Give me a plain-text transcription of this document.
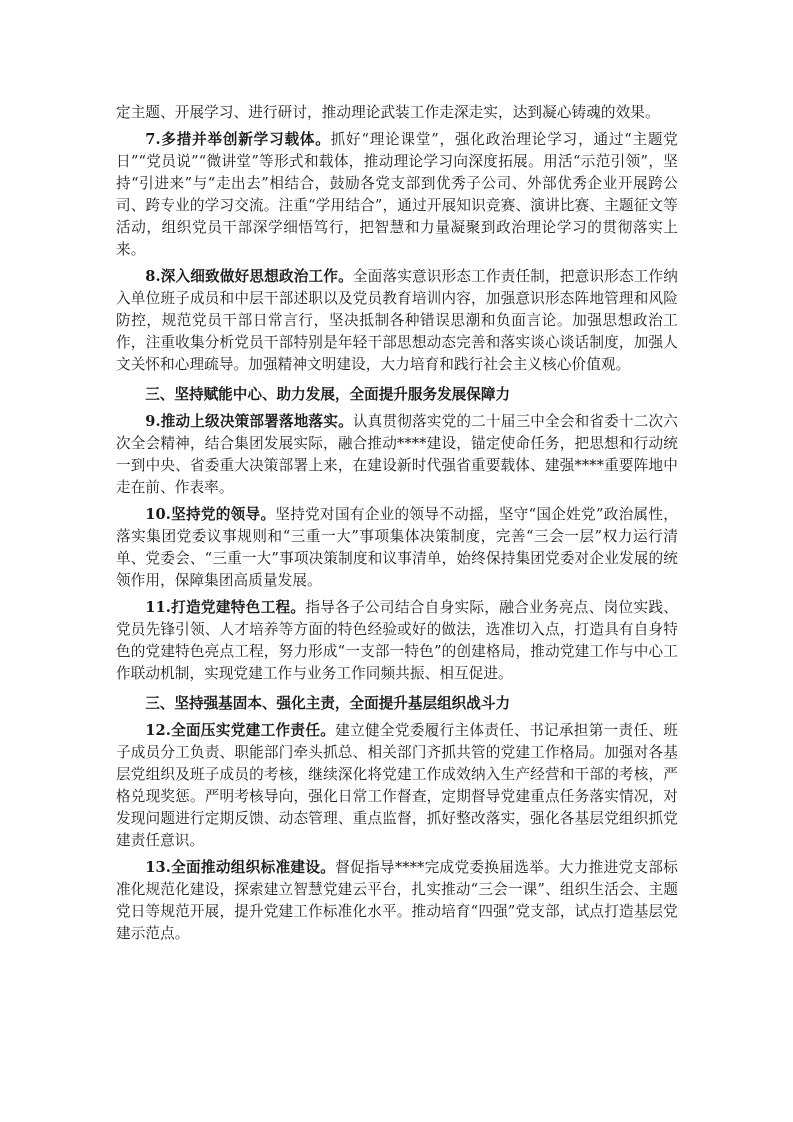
定主题、开展学习、进行研讨，推动理论武装工作走深走实，达到凝心铸魂的效果。

7.多措并举创新学习载体。抓好“理论课堂”，强化政治理论学习，通过“主题党日”“党员说”“微讲堂”等形式和载体，推动理论学习向深度拓展。用活“示范引领”，坚持“引进来”与“走出去”相结合，鼓励各党支部到优秀子公司、外部优秀企业开展跨公司、跨专业的学习交流。注重“学用结合”，通过开展知识竞赛、演讲比赛、主题征文等活动，组织党员干部深学细悟笃行，把智慧和力量凝聚到政治理论学习的贯彻落实上来。

8.深入细致做好思想政治工作。全面落实意识形态工作责任制，把意识形态工作纳入单位班子成员和中层干部述职以及党员教育培训内容，加强意识形态阵地管理和风险防控，规范党员干部日常言行，坚决抵制各种错误思潮和负面言论。加强思想政治工作，注重收集分析党员干部特别是年轻干部思想动态完善和落实谈心谈话制度，加强人文关怀和心理疏导。加强精神文明建设，大力培育和践行社会主义核心价值观。

三、坚持赋能中心、助力发展，全面提升服务发展保障力

9.推动上级决策部署落地落实。认真贯彻落实党的二十届三中全会和省委十二次六次全会精神，结合集团发展实际，融合推动****建设，锚定使命任务，把思想和行动统一到中央、省委重大决策部署上来，在建设新时代强省重要载体、建强****重要阵地中走在前、作表率。

10.坚持党的领导。坚持党对国有企业的领导不动摇，坚守“国企姓党”政治属性，落实集团党委议事规则和“三重一大”事项集体决策制度，完善“三会一层”权力运行清单、党委会、“三重一大”事项决策制度和议事清单，始终保持集团党委对企业发展的统领作用，保障集团高质量发展。

11.打造党建特色工程。指导各子公司结合自身实际，融合业务亮点、岗位实践、党员先锋引领、人才培养等方面的特色经验或好的做法，选准切入点，打造具有自身特色的党建特色亮点工程，努力形成“一支部一特色”的创建格局，推动党建工作与中心工作联动机制，实现党建工作与业务工作同频共振、相互促进。

三、坚持强基固本、强化主责，全面提升基层组织战斗力

12.全面压实党建工作责任。建立健全党委履行主体责任、书记承担第一责任、班子成员分工负责、职能部门牵头抓总、相关部门齐抓共管的党建工作格局。加强对各基层党组织及班子成员的考核，继续深化将党建工作成效纳入生产经营和干部的考核，严格兑现奖惩。严明考核导向，强化日常工作督查，定期督导党建重点任务落实情况，对发现问题进行定期反馈、动态管理、重点监督，抓好整改落实，强化各基层党组织抓党建责任意识。

13.全面推动组织标准建设。督促指导****完成党委换届选举。大力推进党支部标准化规范化建设，探索建立智慧党建云平台，扎实推动“三会一课”、组织生活会、主题党日等规范开展，提升党建工作标准化水平。推动培育“四强”党支部，试点打造基层党建示范点。
